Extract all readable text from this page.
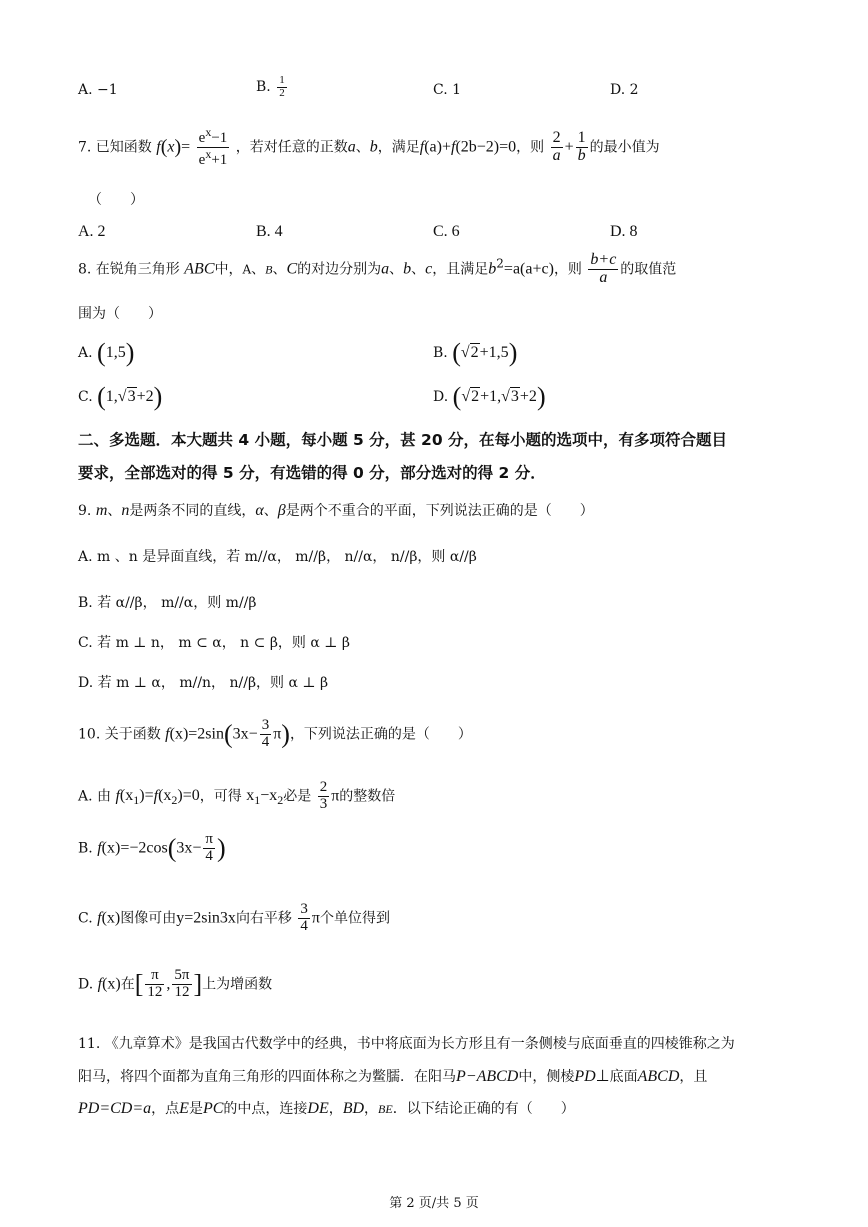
A. −1	B. $\frac{1}{2}$	C. 1	D. 2
7. 已知函数 $f(x)= \frac{e^x-1}{e^x+1}$ ，若对任意的正数a、b，满足f(a)+f(2b−2)=0，则 $\frac{2}{a} + \frac{1}{b}$ 的最小值为
（　　）
A. 2	B. 4	C. 6	D. 8
8. 在锐角三角形 ABC中，A、B、C的对边分别为a、b、c，且满足$b^2=a(a+c)$，则 $\frac{b+c}{a}$ 的取值范
围为（　　）
A. (1,5)	B. (√2+1,5)
C. (1,√3+2)	D. (√2+1,√3+2)
二、多选题．本大题共 4 小题，每小题 5 分，甚 20 分，在每小题的选项中，有多项符合题目
要求，全部选对的得 5 分，有选错的得 0 分，部分选对的得 2 分．
9. m、n是两条不同的直线，α、β是两个不重合的平面，下列说法正确的是（　　）
A. m 、n 是异面直线，若 m//α， m//β， n//α， n//β，则 α//β
B. 若 α//β， m//α，则 m//β
C. 若 m ⊥ n， m ⊂ α， n ⊂ β，则 α ⊥ β
D. 若 m ⊥ α， m//n， n//β，则 α ⊥ β
10. 关于函数 $f(x)=2\sin(3x- \frac{3}{4} \pi)$，下列说法正确的是（　　）
A. 由 $f(x_1)=f(x_2)=0$，可得 $x_1-x_2$必是 $\frac{2}{3}$ π的整数倍
B. $f(x)=-2\cos(3x- \frac{\pi}{4}$ )
C. f(x)图像可由y=2sin3x向右平移 $\frac{3}{4}$ π个单位得到
D. f(x)在[ $\frac{\pi}{12}$ , $\frac{5\pi}{12}$ ]上为增函数
11. 《九章算术》是我国古代数学中的经典，书中将底面为长方形且有一条侧棱与底面垂直的四棱锥称之为
阳马，将四个面都为直角三角形的四面体称之为鳖臑．在阳马P−ABCD中，侧棱PD⊥底面ABCD，且
PD=CD=a，点E是PC的中点，连接DE，BD，BE．以下结论正确的有（　　）
第 2 页/共 5 页
